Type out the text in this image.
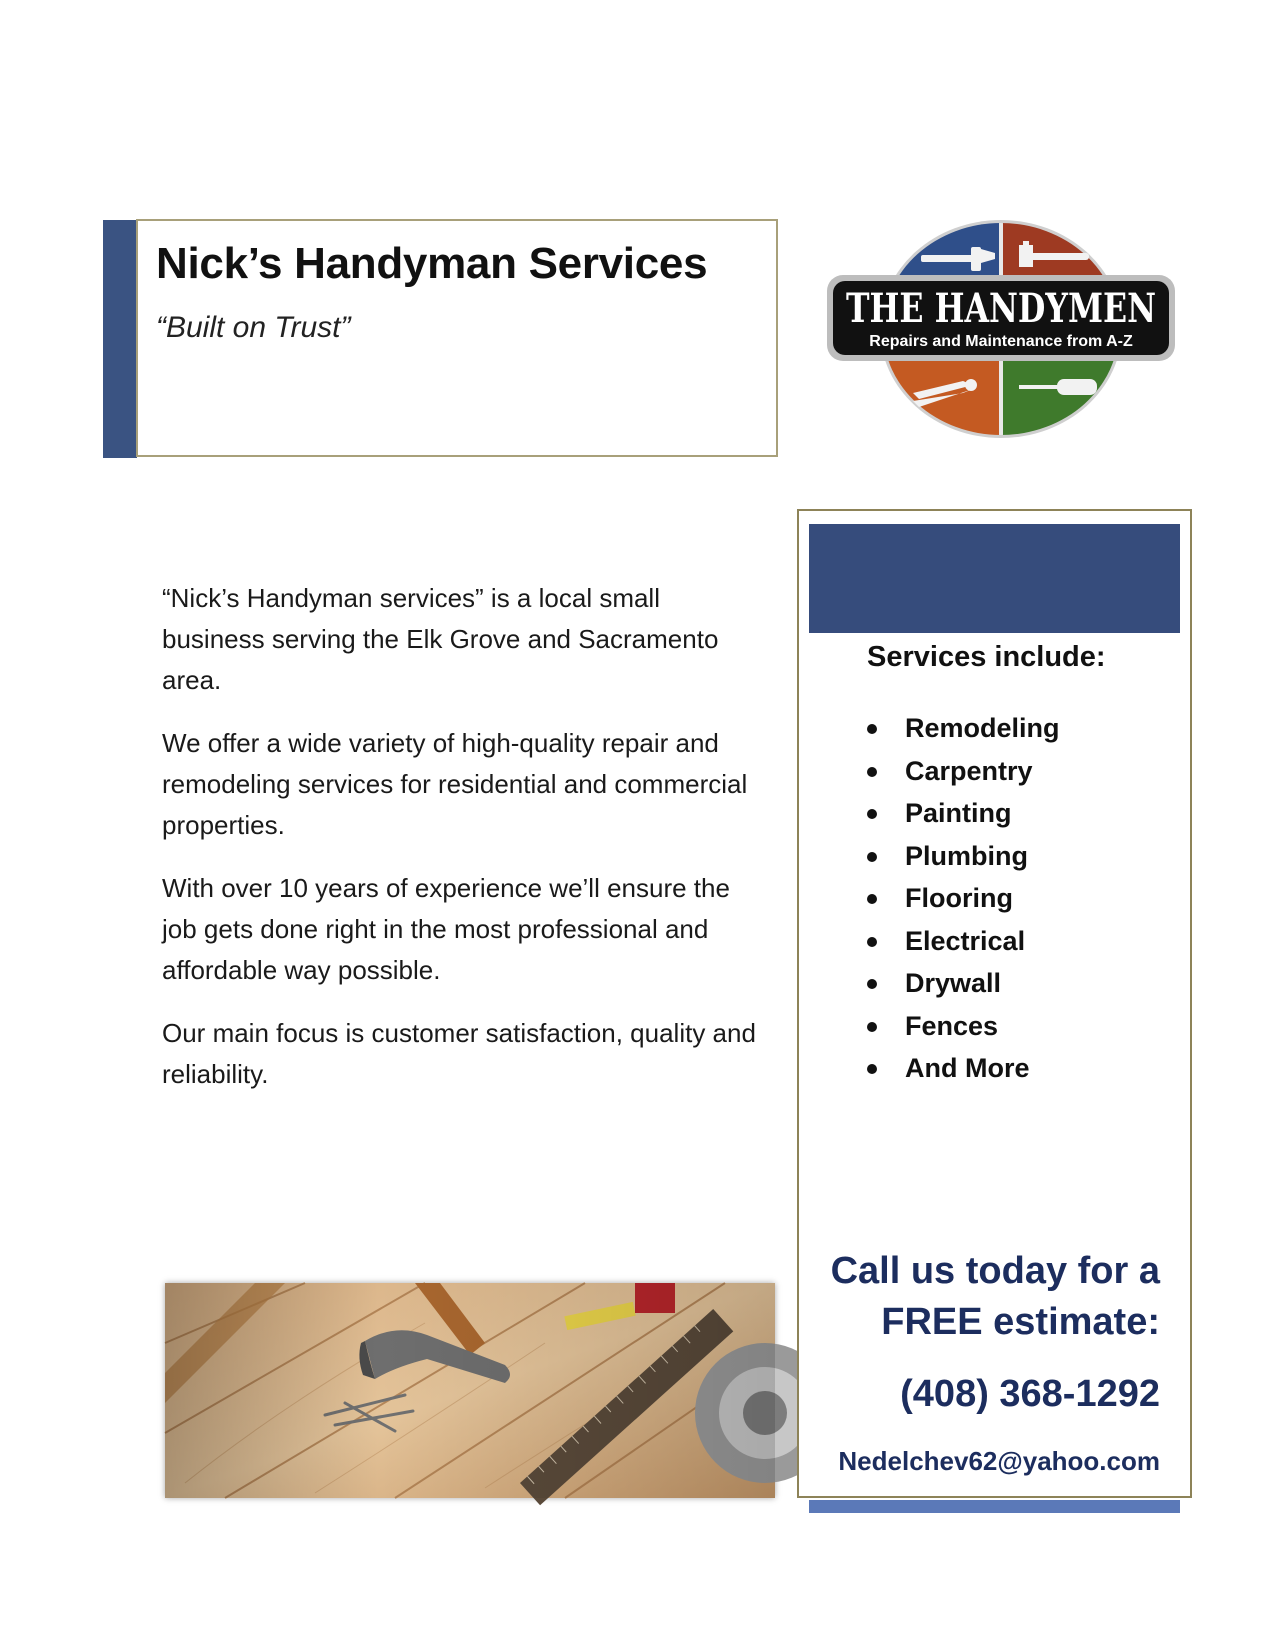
Nick’s Handyman Services

“Built on Trust”	THE HANDYMEN
Repairs and Maintenance from A-Z

“Nick’s Handyman services” is a local small business serving the Elk Grove and Sacramento area.

We offer a wide variety of high-quality repair and remodeling services for residential and commercial properties.

With over 10 years of experience we’ll ensure the job gets done right in the most professional and affordable way possible.

Our main focus is customer satisfaction, quality and reliability.

Services include:
Remodeling
Carpentry
Painting
Plumbing
Flooring
Electrical
Drywall
Fences
And More
Call us today for a
FREE estimate:
(408) 368-1292
Nedelchev62@yahoo.com
